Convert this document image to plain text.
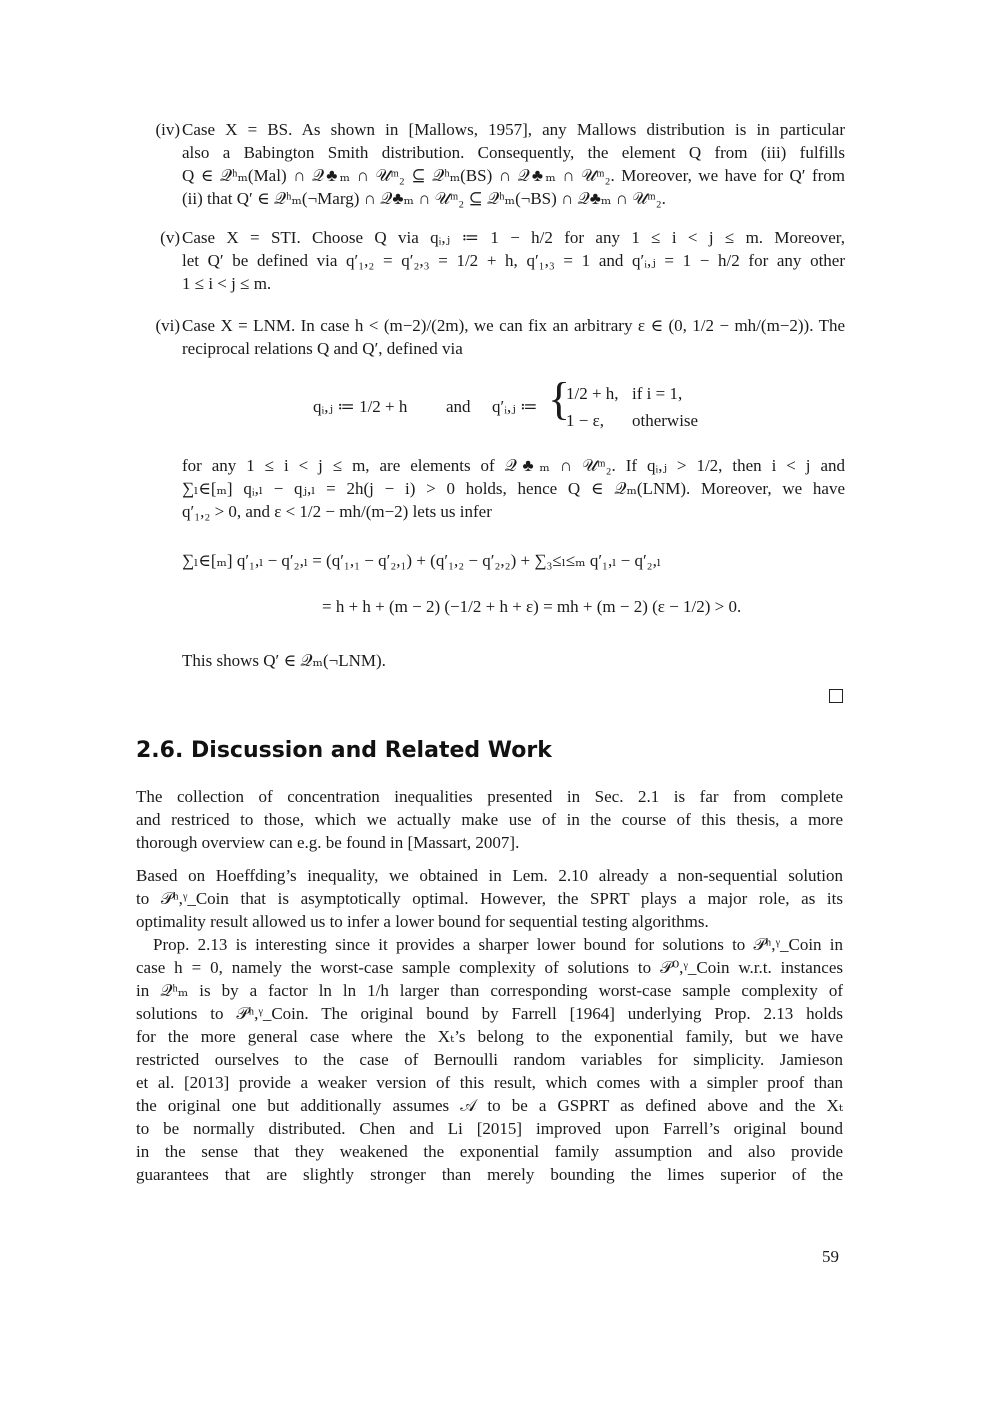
(iv) Case X = BS. As shown in [Mallows, 1957], any Mallows distribution is in particular
also a Babington Smith distribution. Consequently, the element Q from (iii) fulfills
Q ∈ 𝒬ʰₘ(Mal) ∩ 𝒬♣ₘ ∩ 𝒰ᵐ₂ ⊆ 𝒬ʰₘ(BS) ∩ 𝒬♣ₘ ∩ 𝒰ᵐ₂. Moreover, we have for Q′ from
(ii) that Q′ ∈ 𝒬ʰₘ(¬Marg) ∩ 𝒬♣ₘ ∩ 𝒰ᵐ₂ ⊆ 𝒬ʰₘ(¬BS) ∩ 𝒬♣ₘ ∩ 𝒰ᵐ₂.
(v) Case X = STI. Choose Q via qᵢ,ⱼ ≔ 1 − h/2 for any 1 ≤ i < j ≤ m. Moreover,
let Q′ be defined via q′₁,₂ = q′₂,₃ = 1/2 + h, q′₁,₃ = 1 and q′ᵢ,ⱼ = 1 − h/2 for any other
1 ≤ i < j ≤ m.
(vi) Case X = LNM. In case h < (m−2)/(2m), we can fix an arbitrary ε ∈ (0, 1/2 − mh/(m−2)). The
reciprocal relations Q and Q′, defined via
qᵢ,ⱼ ≔ 1/2 + h and q′ᵢ,ⱼ ≔ {
1/2 + h, if i = 1,
1 − ε, otherwise
for any 1 ≤ i < j ≤ m, are elements of 𝒬♣ₘ ∩ 𝒰ᵐ₂. If qᵢ,ⱼ > 1/2, then i < j and
∑ₗ∈[ₘ] qᵢ,ₗ − qⱼ,ₗ = 2h(j − i) > 0 holds, hence Q ∈ 𝒬ₘ(LNM). Moreover, we have
q′₁,₂ > 0, and ε < 1/2 − mh/(m−2) lets us infer
∑ₗ∈[ₘ] q′₁,ₗ − q′₂,ₗ = (q′₁,₁ − q′₂,₁) + (q′₁,₂ − q′₂,₂) + ∑₃≤ₗ≤ₘ q′₁,ₗ − q′₂,ₗ
= h + h + (m − 2) (−1/2 + h + ε) = mh + (m − 2) (ε − 1/2) > 0.
This shows Q′ ∈ 𝒬ₘ(¬LNM).
2.6. Discussion and Related Work
The collection of concentration inequalities presented in Sec. 2.1 is far from complete
and restriced to those, which we actually make use of in the course of this thesis, a more
thorough overview can e.g. be found in [Massart, 2007].
Based on Hoeffding’s inequality, we obtained in Lem. 2.10 already a non-sequential solution
to 𝒫ʰ,ᵞ_Coin that is asymptotically optimal. However, the SPRT plays a major role, as its
optimality result allowed us to infer a lower bound for sequential testing algorithms.
Prop. 2.13 is interesting since it provides a sharper lower bound for solutions to 𝒫ʰ,ᵞ_Coin in
case h = 0, namely the worst-case sample complexity of solutions to 𝒫⁰,ᵞ_Coin w.r.t. instances
in 𝒬ʰₘ is by a factor ln ln 1/h larger than corresponding worst-case sample complexity of
solutions to 𝒫ʰ,ᵞ_Coin. The original bound by Farrell [1964] underlying Prop. 2.13 holds
for the more general case where the Xₜ’s belong to the exponential family, but we have
restricted ourselves to the case of Bernoulli random variables for simplicity. Jamieson
et al. [2013] provide a weaker version of this result, which comes with a simpler proof than
the original one but additionally assumes 𝒜 to be a GSPRT as defined above and the Xₜ
to be normally distributed. Chen and Li [2015] improved upon Farrell’s original bound
in the sense that they weakened the exponential family assumption and also provide
guarantees that are slightly stronger than merely bounding the limes superior of the
59
